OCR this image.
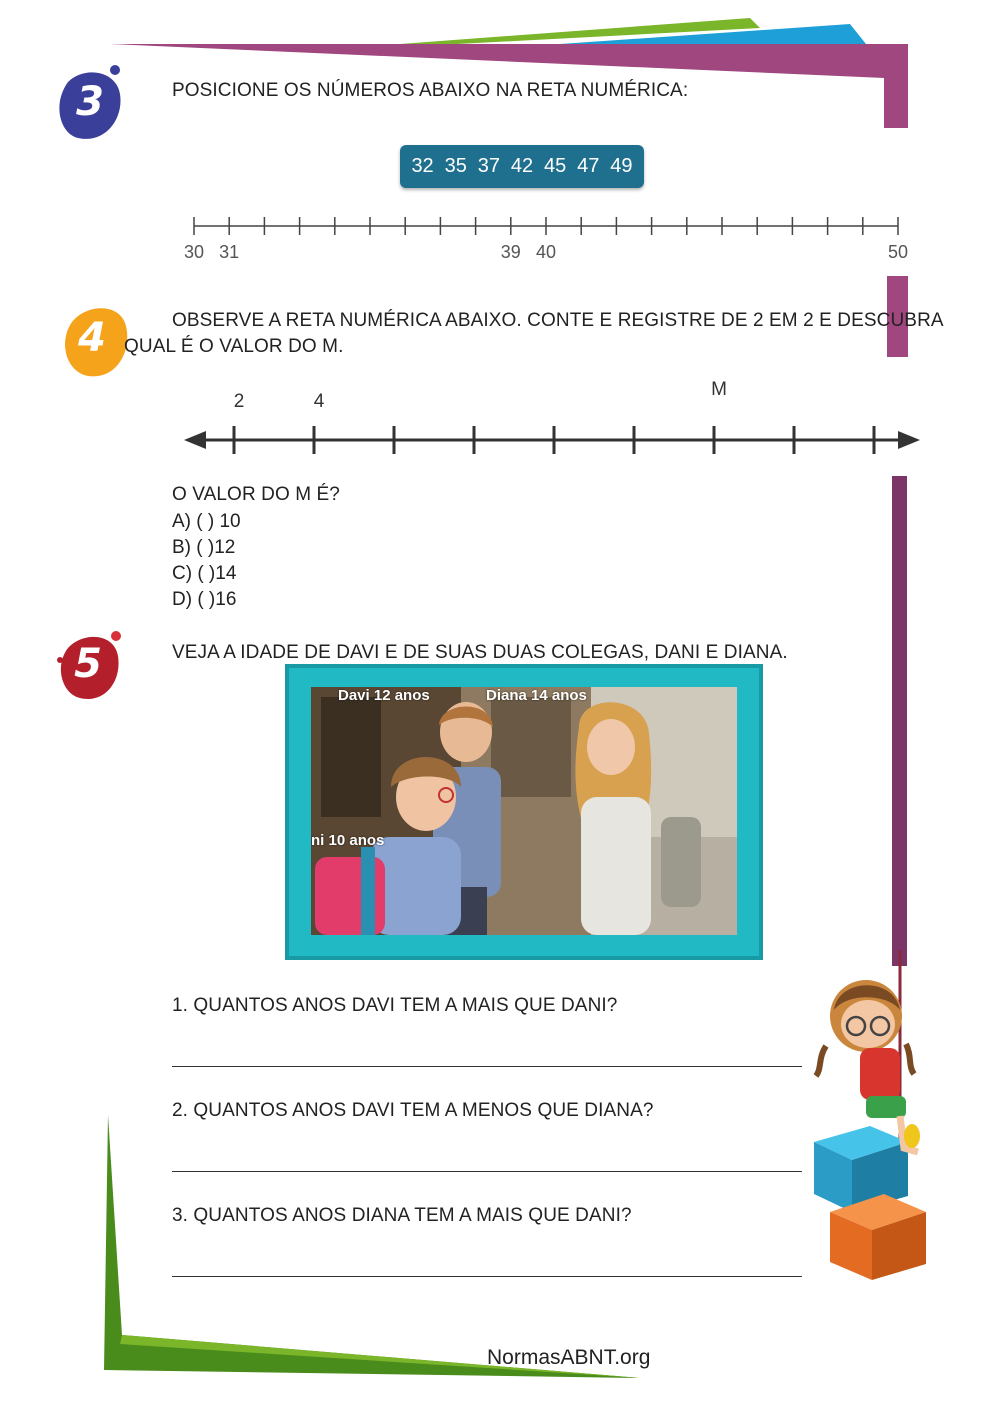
3	POSICIONE OS NÚMEROS ABAIXO NA RETA NUMÉRICA:
32 35 37 42 45 47 49
30 31	39 40	50
4	OBSERVE A RETA NUMÉRICA ABAIXO. CONTE E REGISTRE DE 2 EM 2 E DESCUBRA
QUAL É O VALOR DO M.
2	4
M
O VALOR DO M É?
A) ( ) 10
B) ( )12
C) ( )14
D) ( )16
5	VEJA A IDADE DE DAVI E DE SUAS DUAS COLEGAS, DANI E DIANA.
Davi 12 anos	Diana 14 anos
ni 10 anos
1. QUANTOS ANOS DAVI TEM A MAIS QUE DANI?
2. QUANTOS ANOS DAVI TEM A MENOS QUE DIANA?
3. QUANTOS ANOS DIANA TEM A MAIS QUE DANI?
NormasABNT.org
